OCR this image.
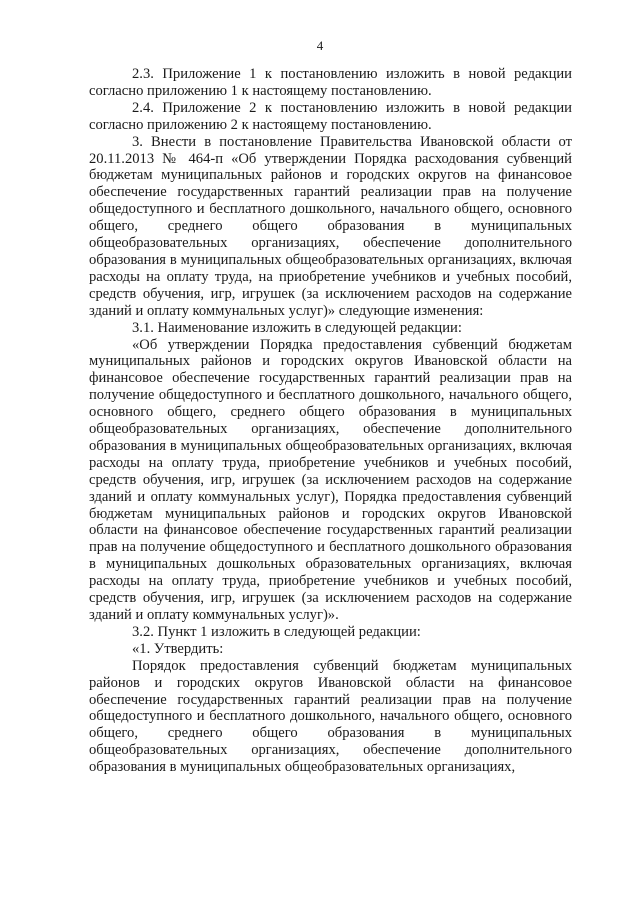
4

2.3. Приложение 1 к постановлению изложить в новой редакции согласно приложению 1 к настоящему постановлению.

2.4. Приложение 2 к постановлению изложить в новой редакции согласно приложению 2 к настоящему постановлению.

3. Внести в постановление Правительства Ивановской области от 20.11.2013 № 464-п «Об утверждении Порядка расходования субвенций бюджетам муниципальных районов и городских округов на финансовое обеспечение государственных гарантий реализации прав на получение общедоступного и бесплатного дошкольного, начального общего, основного общего, среднего общего образования в муниципальных общеобразовательных организациях, обеспечение дополнительного образования в муниципальных общеобразовательных организациях, включая расходы на оплату труда, на приобретение учебников и учебных пособий, средств обучения, игр, игрушек (за исключением расходов на содержание зданий и оплату коммунальных услуг)» следующие изменения:

3.1. Наименование изложить в следующей редакции:

«Об утверждении Порядка предоставления субвенций бюджетам муниципальных районов и городских округов Ивановской области на финансовое обеспечение государственных гарантий реализации прав на получение общедоступного и бесплатного дошкольного, начального общего, основного общего, среднего общего образования в муниципальных общеобразовательных организациях, обеспечение дополнительного образования в муниципальных общеобразовательных организациях, включая расходы на оплату труда, приобретение учебников и учебных пособий, средств обучения, игр, игрушек (за исключением расходов на содержание зданий и оплату коммунальных услуг), Порядка предоставления субвенций бюджетам муниципальных районов и городских округов Ивановской области на финансовое обеспечение государственных гарантий реализации прав на получение общедоступного и бесплатного дошкольного образования в муниципальных дошкольных образовательных организациях, включая расходы на оплату труда, приобретение учебников и учебных пособий, средств обучения, игр, игрушек (за исключением расходов на содержание зданий и оплату коммунальных услуг)».

3.2. Пункт 1 изложить в следующей редакции:

«1. Утвердить:

Порядок предоставления субвенций бюджетам муниципальных районов и городских округов Ивановской области на финансовое обеспечение государственных гарантий реализации прав на получение общедоступного и бесплатного дошкольного, начального общего, основного общего, среднего общего образования в муниципальных общеобразовательных организациях, обеспечение дополнительного образования в муниципальных общеобразовательных организациях,
